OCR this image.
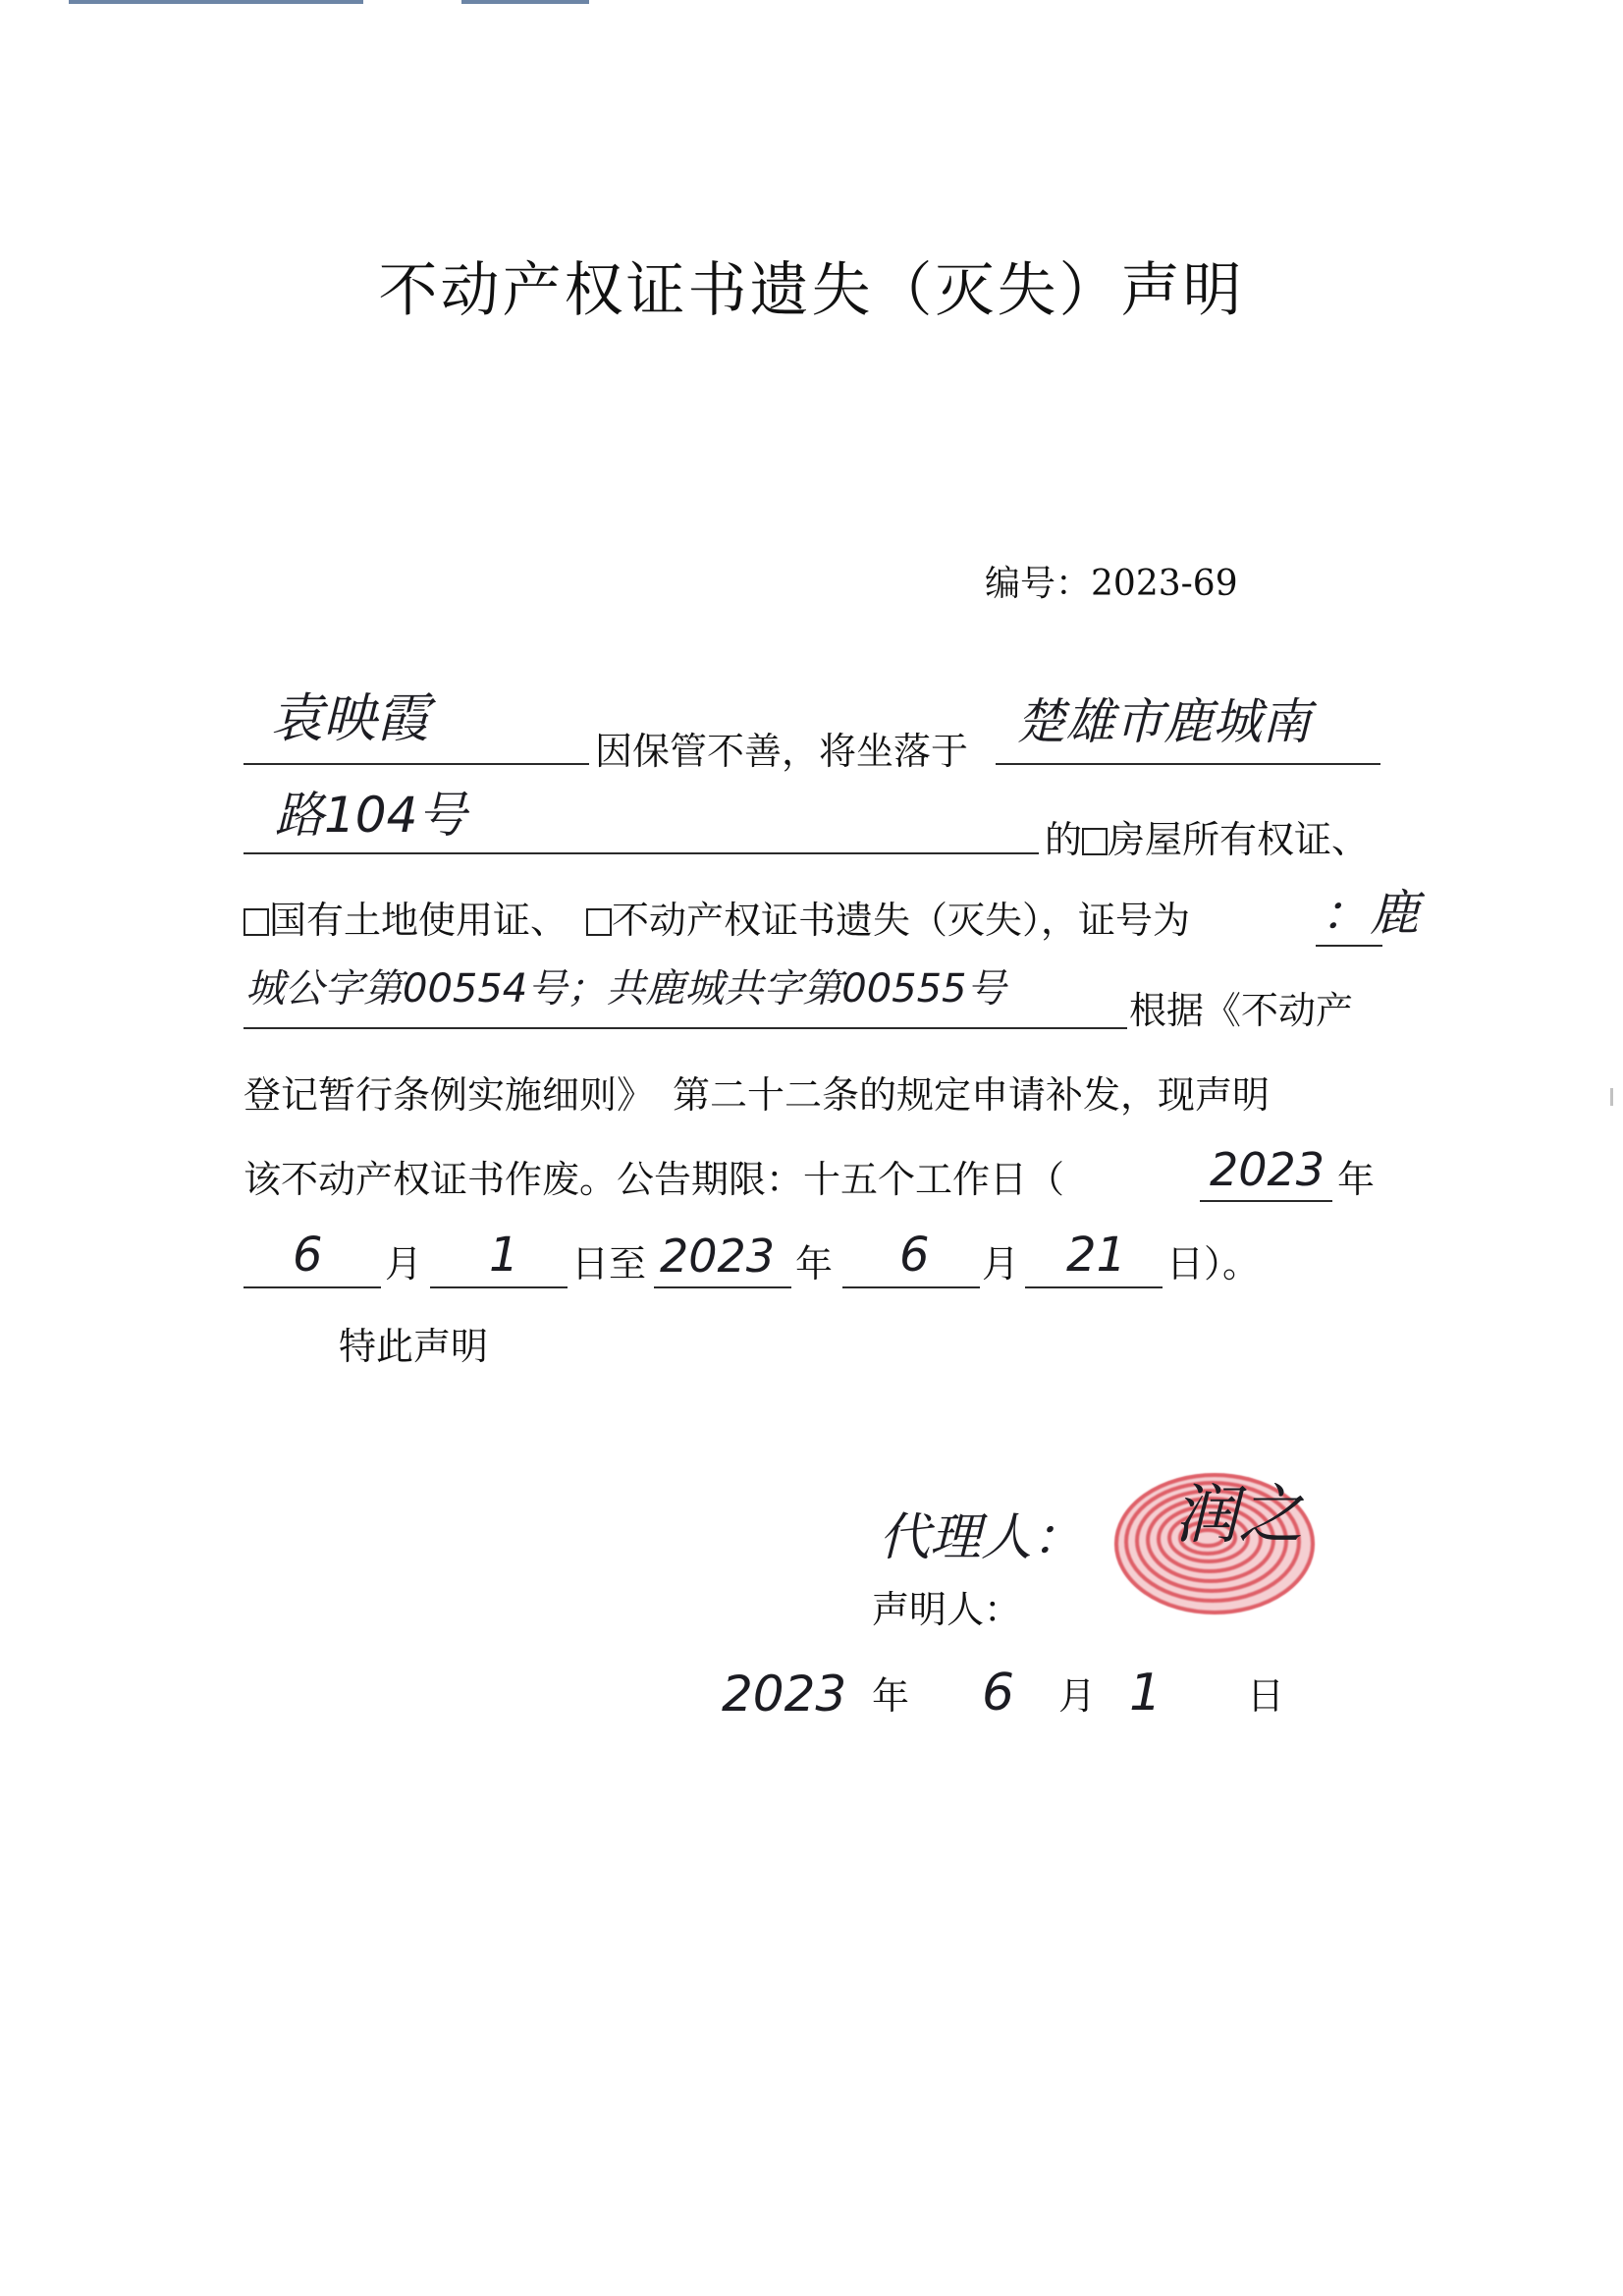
不动产权证书遗失（灭失）声明
编号：2023-69
袁映霞
因保管不善，将坐落于
楚雄市鹿城南
路104号	的 房屋所有权证、
国有土地使用证、　 不动产权证书遗失（灭失），证号为	：鹿
城公字第00554号；共鹿城共字第00555号	根据《不动产
登记暂行条例实施细则》　第二十二条的规定申请补发，现声明
该不动产权证书作废。公告期限：十五个工作日（	2023 年
6 月 1 日至 2023 年 6 月 21 日）。
特此声明
代理人： 润之
声明人：
2023 年 6 月 1 日
